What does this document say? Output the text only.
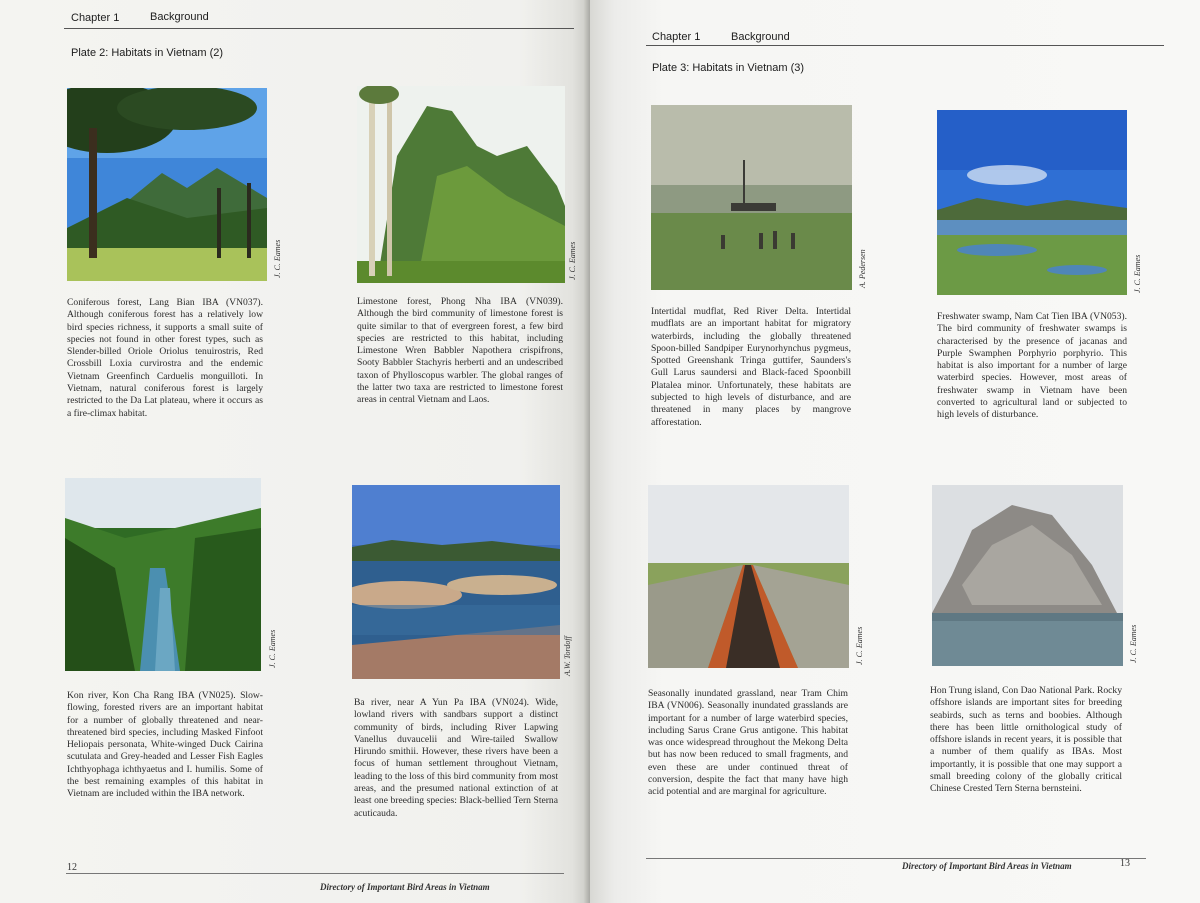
Chapter 1	Background
Plate 2: Habitats in Vietnam (2)
J. C. Eames
Coniferous forest, Lang Bian IBA (VN037). Although coniferous forest has a relatively low bird species richness, it supports a small suite of species not found in other forest types, such as Slender-billed Oriole Oriolus tenuirostris, Red Crossbill Loxia curvirostra and the endemic Vietnam Greenfinch Carduelis monguilloti. In Vietnam, natural coniferous forest is largely restricted to the Da Lat plateau, where it occurs as a fire-climax habitat.
J. C. Eames
Limestone forest, Phong Nha IBA (VN039). Although the bird community of limestone forest is quite similar to that of evergreen forest, a few bird species are restricted to this habitat, including Limestone Wren Babbler Napothera crispifrons, Sooty Babbler Stachyris herberti and an undescribed taxon of Phylloscopus warbler. The global ranges of the latter two taxa are restricted to limestone forest areas in central Vietnam and Laos.
J. C. Eames
Kon river, Kon Cha Rang IBA (VN025). Slow-flowing, forested rivers are an important habitat for a number of globally threatened and near-threatened bird species, including Masked Finfoot Heliopais personata, White-winged Duck Cairina scutulata and Grey-headed and Lesser Fish Eagles Ichthyophaga ichthyaetus and I. humilis. Some of the best remaining examples of this habitat in Vietnam are included within the IBA network.
A.W. Tordoff
Ba river, near A Yun Pa IBA (VN024). Wide, lowland rivers with sandbars support a distinct community of birds, including River Lapwing Vanellus duvaucelii and Wire-tailed Swallow Hirundo smithii. However, these rivers have been a focus of human settlement throughout Vietnam, leading to the loss of this bird community from most areas, and the presumed national extinction of at least one breeding species: Black-bellied Tern Sterna acuticauda.
12
Directory of Important Bird Areas in Vietnam
Chapter 1	Background
Plate 3: Habitats in Vietnam (3)
A. Pedersen
Intertidal mudflat, Red River Delta. Intertidal mudflats are an important habitat for migratory waterbirds, including the globally threatened Spoon-billed Sandpiper Eurynorhynchus pygmeus, Spotted Greenshank Tringa guttifer, Saunders's Gull Larus saundersi and Black-faced Spoonbill Platalea minor. Unfortunately, these habitats are subjected to high levels of disturbance, and are threatened in many places by mangrove afforestation.
J. C. Eames
Freshwater swamp, Nam Cat Tien IBA (VN053). The bird community of freshwater swamps is characterised by the presence of jacanas and Purple Swamphen Porphyrio porphyrio. This habitat is also important for a number of large waterbird species. However, most areas of freshwater swamp in Vietnam have been converted to agricultural land or subjected to high levels of disturbance.
J. C. Eames
Seasonally inundated grassland, near Tram Chim IBA (VN006). Seasonally inundated grasslands are important for a number of large waterbird species, including Sarus Crane Grus antigone. This habitat was once widespread throughout the Mekong Delta but has now been reduced to small fragments, and even these are under continued threat of conversion, despite the fact that many have high acid potential and are marginal for agriculture.
J. C. Eames
Hon Trung island, Con Dao National Park. Rocky offshore islands are important sites for breeding seabirds, such as terns and boobies. Although there has been little ornithological study of offshore islands in recent years, it is possible that a number of them qualify as IBAs. Most importantly, it is possible that one may support a small breeding colony of the globally critical Chinese Crested Tern Sterna bernsteini.
Directory of Important Bird Areas in Vietnam	13
